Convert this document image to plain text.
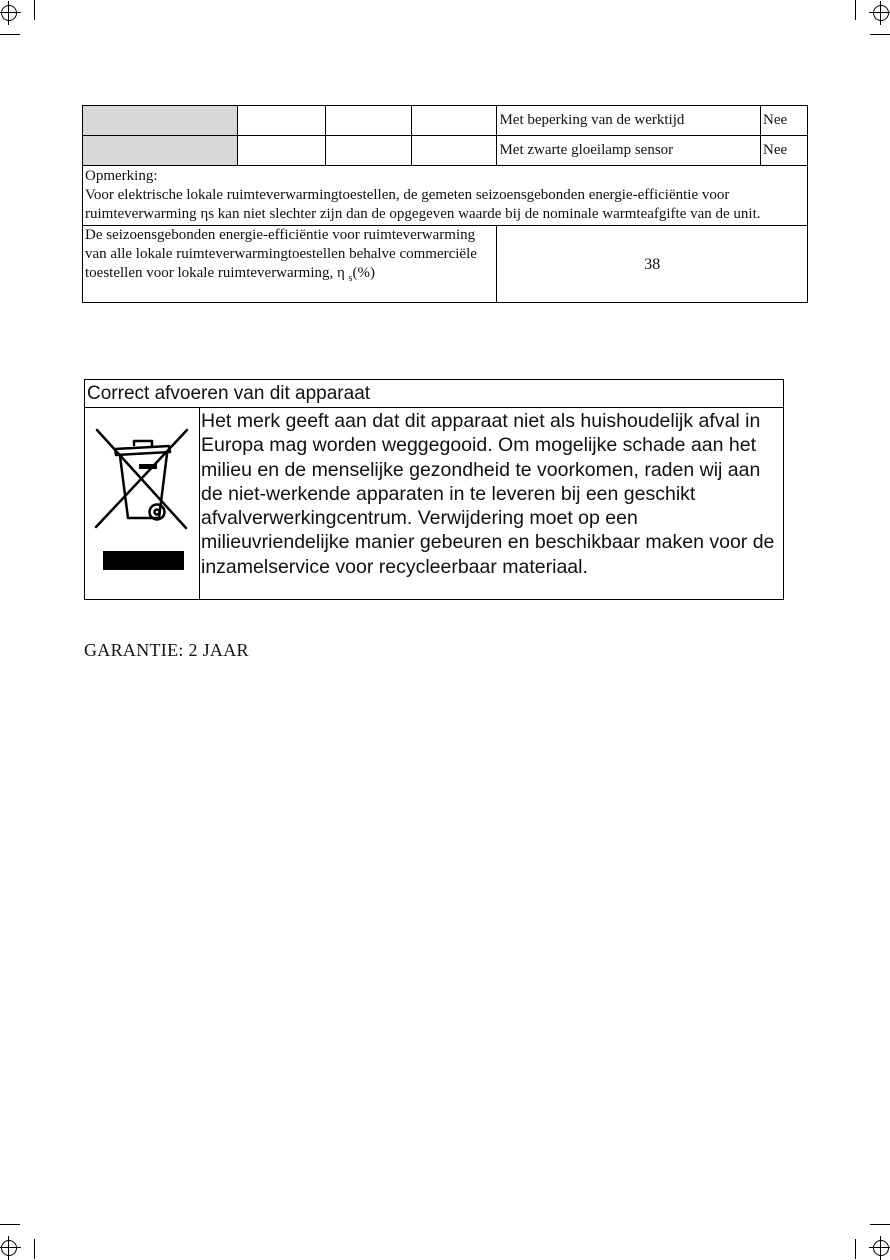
				Met beperking van de werktijd	Nee
				Met zwarte gloeilamp sensor	Nee

Opmerking:
Voor elektrische lokale ruimteverwarmingtoestellen, de gemeten seizoensgebonden energie-efficiëntie voor ruimteverwarming ηs kan niet slechter zijn dan de opgegeven waarde bij de nominale warmteafgifte van de unit.					

De seizoensgebonden energie-efficiëntie voor ruimteverwarming van alle lokale ruimteverwarmingtoestellen behalve commerciële toestellen voor lokale ruimteverwarming, η $_s$(%)				38	
Correct afvoeren van dit apparaat
Het merk geeft aan dat dit apparaat niet als huishoudelijk afval in Europa mag worden weggegooid. Om mogelijke schade aan het milieu en de menselijke gezondheid te voorkomen, raden wij aan de niet-werkende apparaten in te leveren bij een geschikt afvalverwerkingcentrum. Verwijdering moet op een milieuvriendelijke manier gebeuren en beschikbaar maken voor de inzamelservice voor recycleerbaar materiaal.
GARANTIE: 2 JAAR
